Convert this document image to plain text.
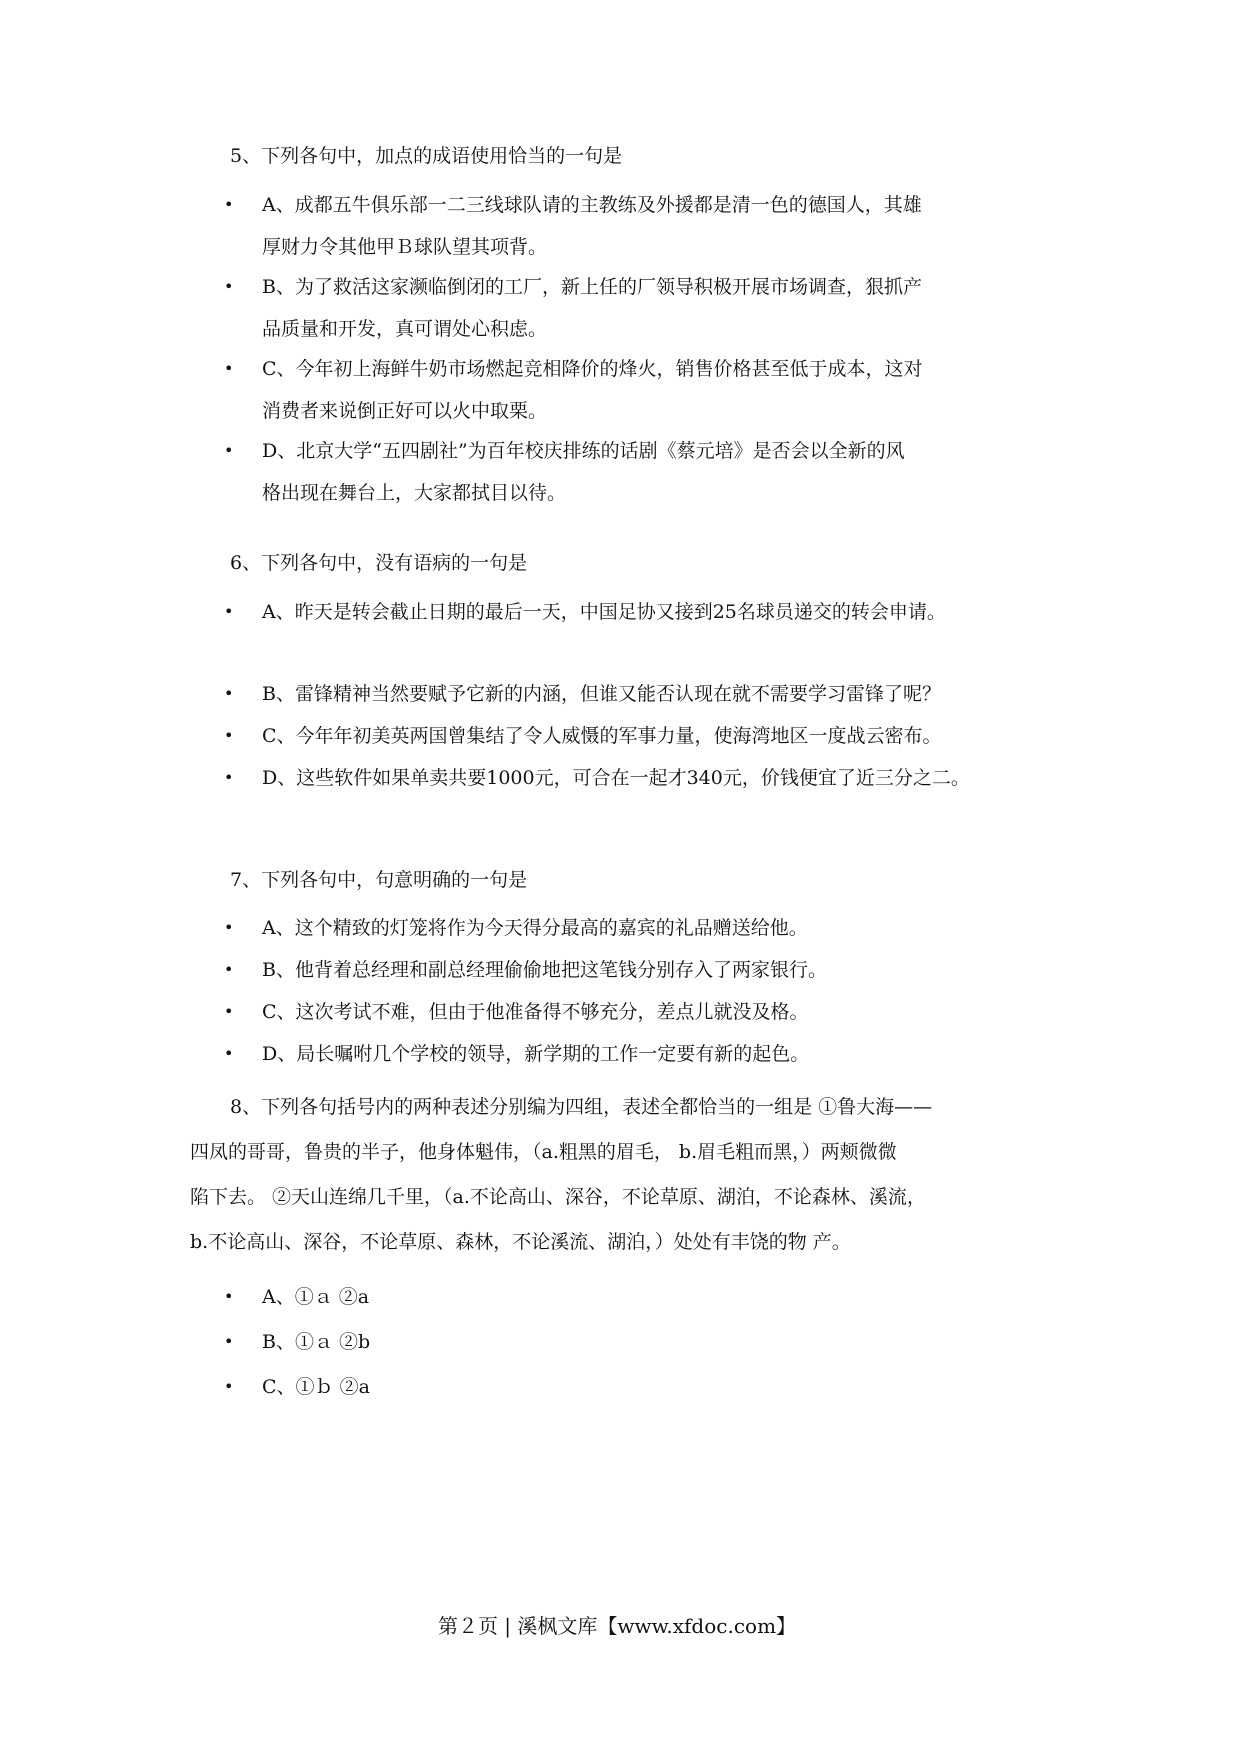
5、下列各句中，加点的成语使用恰当的一句是
• A、成都五牛俱乐部一二三线球队请的主教练及外援都是清一色的德国人，其雄
厚财力令其他甲Ｂ球队望其项背。
• B、为了救活这家濒临倒闭的工厂，新上任的厂领导积极开展市场调查，狠抓产
品质量和开发，真可谓处心积虑。
• C、今年初上海鲜牛奶市场燃起竞相降价的烽火，销售价格甚至低于成本，这对
消费者来说倒正好可以火中取栗。
• D、北京大学“五四剧社”为百年校庆排练的话剧《蔡元培》是否会以全新的风
格出现在舞台上，大家都拭目以待。
6、下列各句中，没有语病的一句是
• A、昨天是转会截止日期的最后一天，中国足协又接到25名球员递交的转会申请。
• B、雷锋精神当然要赋予它新的内涵，但谁又能否认现在就不需要学习雷锋了呢？
• C、今年年初美英两国曾集结了令人威慑的军事力量，使海湾地区一度战云密布。
• D、这些软件如果单卖共要1000元，可合在一起才340元，价钱便宜了近三分之二。
7、下列各句中，句意明确的一句是
• A、这个精致的灯笼将作为今天得分最高的嘉宾的礼品赠送给他。
• B、他背着总经理和副总经理偷偷地把这笔钱分别存入了两家银行。
• C、这次考试不难，但由于他准备得不够充分，差点儿就没及格。
• D、局长嘱咐几个学校的领导，新学期的工作一定要有新的起色。
8、下列各句括号内的两种表述分别编为四组，表述全都恰当的一组是 ①鲁大海——
四凤的哥哥，鲁贵的半子，他身体魁伟，（a.粗黑的眉毛， b.眉毛粗而黑，）两颊微微
陷下去。 ②天山连绵几千里，（a.不论高山、深谷，不论草原、湖泊，不论森林、溪流，
b.不论高山、深谷，不论草原、森林，不论溪流、湖泊，）处处有丰饶的物 产。
• A、①ａ ②a
• B、①ａ ②b
• C、①ｂ ②a
第２页 | 溪枫文库【www.xfdoc.com】
